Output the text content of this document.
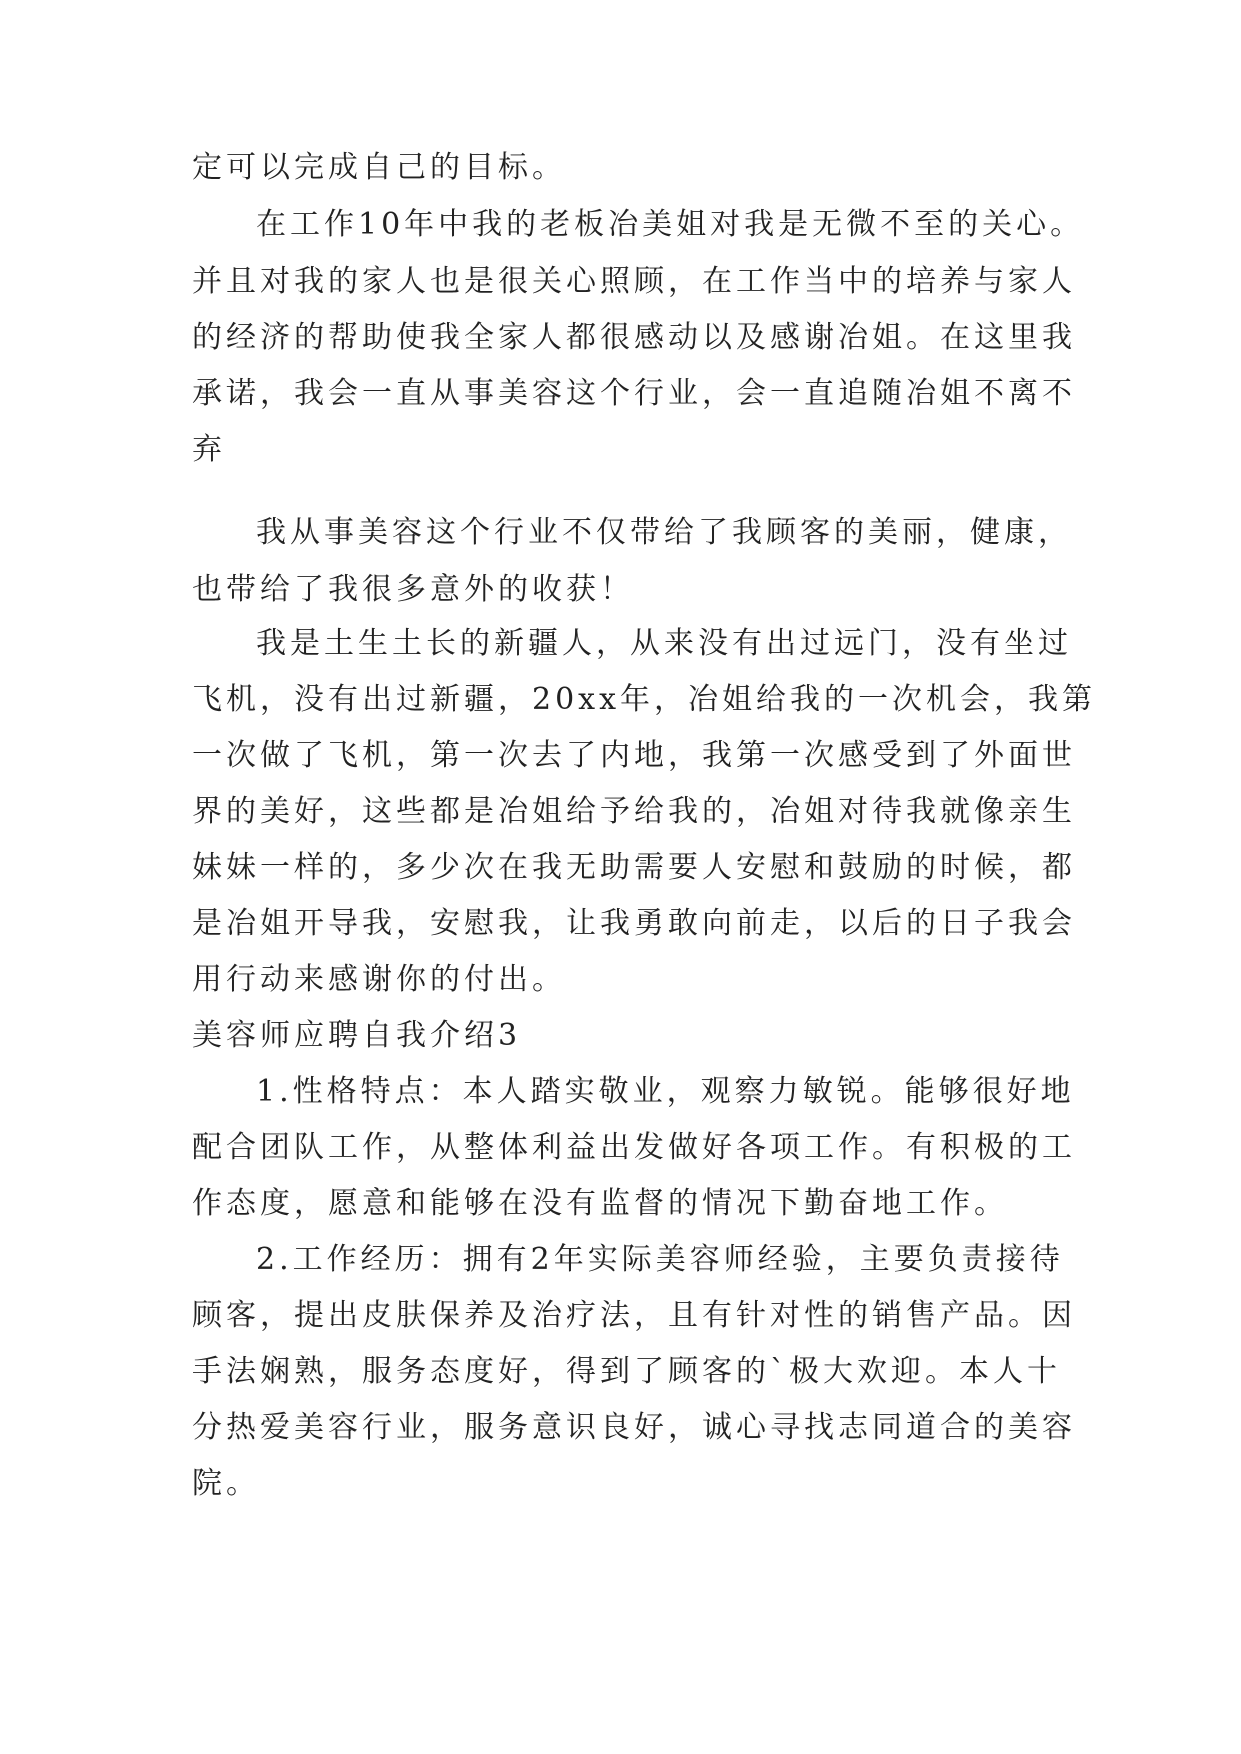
定可以完成自己的目标。

在工作10年中我的老板冶美姐对我是无微不至的关心。

并且对我的家人也是很关心照顾，在工作当中的培养与家人

的经济的帮助使我全家人都很感动以及感谢冶姐。在这里我

承诺，我会一直从事美容这个行业，会一直追随冶姐不离不

弃

我从事美容这个行业不仅带给了我顾客的美丽，健康，

也带给了我很多意外的收获！

我是土生土长的新疆人，从来没有出过远门，没有坐过

飞机，没有出过新疆，20xx年，冶姐给我的一次机会，我第

一次做了飞机，第一次去了内地，我第一次感受到了外面世

界的美好，这些都是冶姐给予给我的，冶姐对待我就像亲生

妹妹一样的，多少次在我无助需要人安慰和鼓励的时候，都

是冶姐开导我，安慰我，让我勇敢向前走，以后的日子我会

用行动来感谢你的付出。

美容师应聘自我介绍3

1.性格特点：本人踏实敬业，观察力敏锐。能够很好地

配合团队工作，从整体利益出发做好各项工作。有积极的工

作态度，愿意和能够在没有监督的情况下勤奋地工作。

2.工作经历：拥有2年实际美容师经验，主要负责接待

顾客，提出皮肤保养及治疗法，且有针对性的销售产品。因

手法娴熟，服务态度好，得到了顾客的`极大欢迎。本人十

分热爱美容行业，服务意识良好，诚心寻找志同道合的美容

院。
